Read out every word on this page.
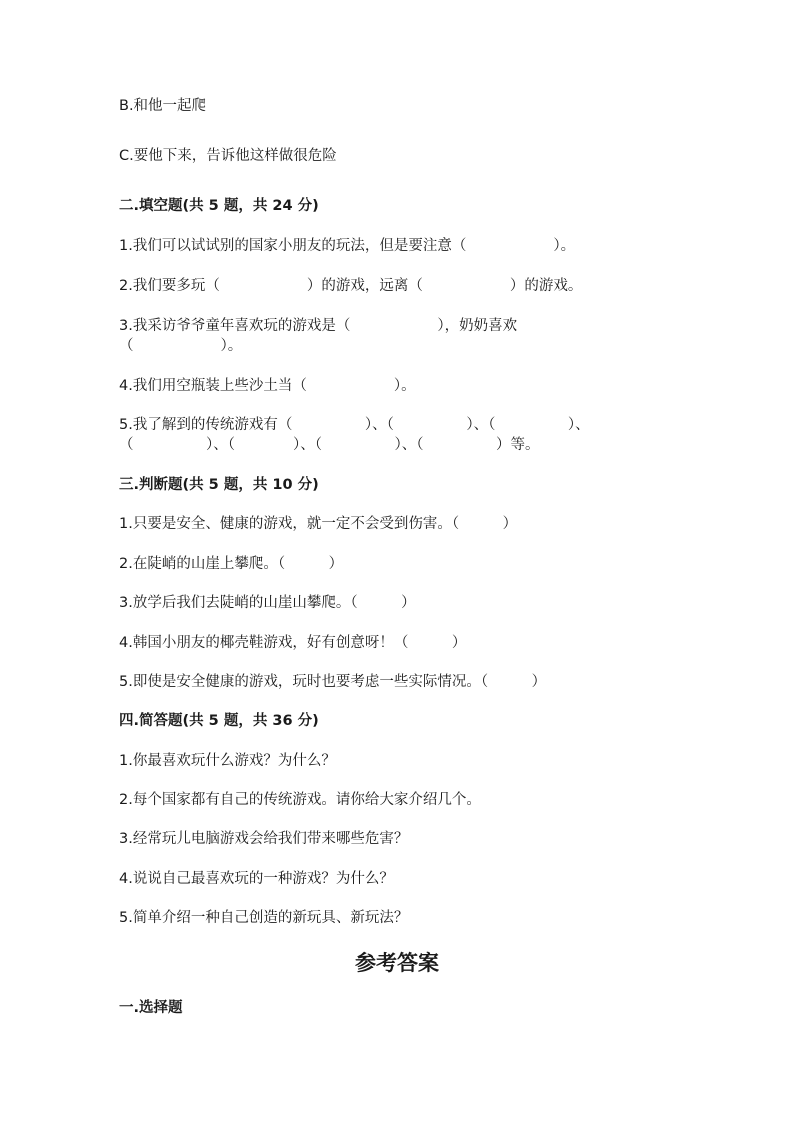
B.和他一起爬
C.要他下来，告诉他这样做很危险
二.填空题(共 5 题，共 24 分)
1.我们可以试试别的国家小朋友的玩法，但是要注意（　　　　　　）。
2.我们要多玩（　　　　　　）的游戏，远离（　　　　　　）的游戏。
3.我采访爷爷童年喜欢玩的游戏是（　　　　　　），奶奶喜欢
（　　　　　　）。
4.我们用空瓶装上些沙土当（　　　　　　）。
5.我了解到的传统游戏有（　　　　　）、（　　　　　）、（　　　　　）、
（　　　　　）、（　　　　）、（　　　　　）、（　　　　　）等。
三.判断题(共 5 题，共 10 分)
1.只要是安全、健康的游戏，就一定不会受到伤害。（　　　）
2.在陡峭的山崖上攀爬。（　　　）
3.放学后我们去陡峭的山崖山攀爬。（　　　）
4.韩国小朋友的椰壳鞋游戏，好有创意呀！（　　　）
5.即使是安全健康的游戏，玩时也要考虑一些实际情况。（　　　）
四.简答题(共 5 题，共 36 分)
1.你最喜欢玩什么游戏？为什么？
2.每个国家都有自己的传统游戏。请你给大家介绍几个。
3.经常玩儿电脑游戏会给我们带来哪些危害？
4.说说自己最喜欢玩的一种游戏？为什么？
5.简单介绍一种自己创造的新玩具、新玩法？
参考答案
一.选择题
